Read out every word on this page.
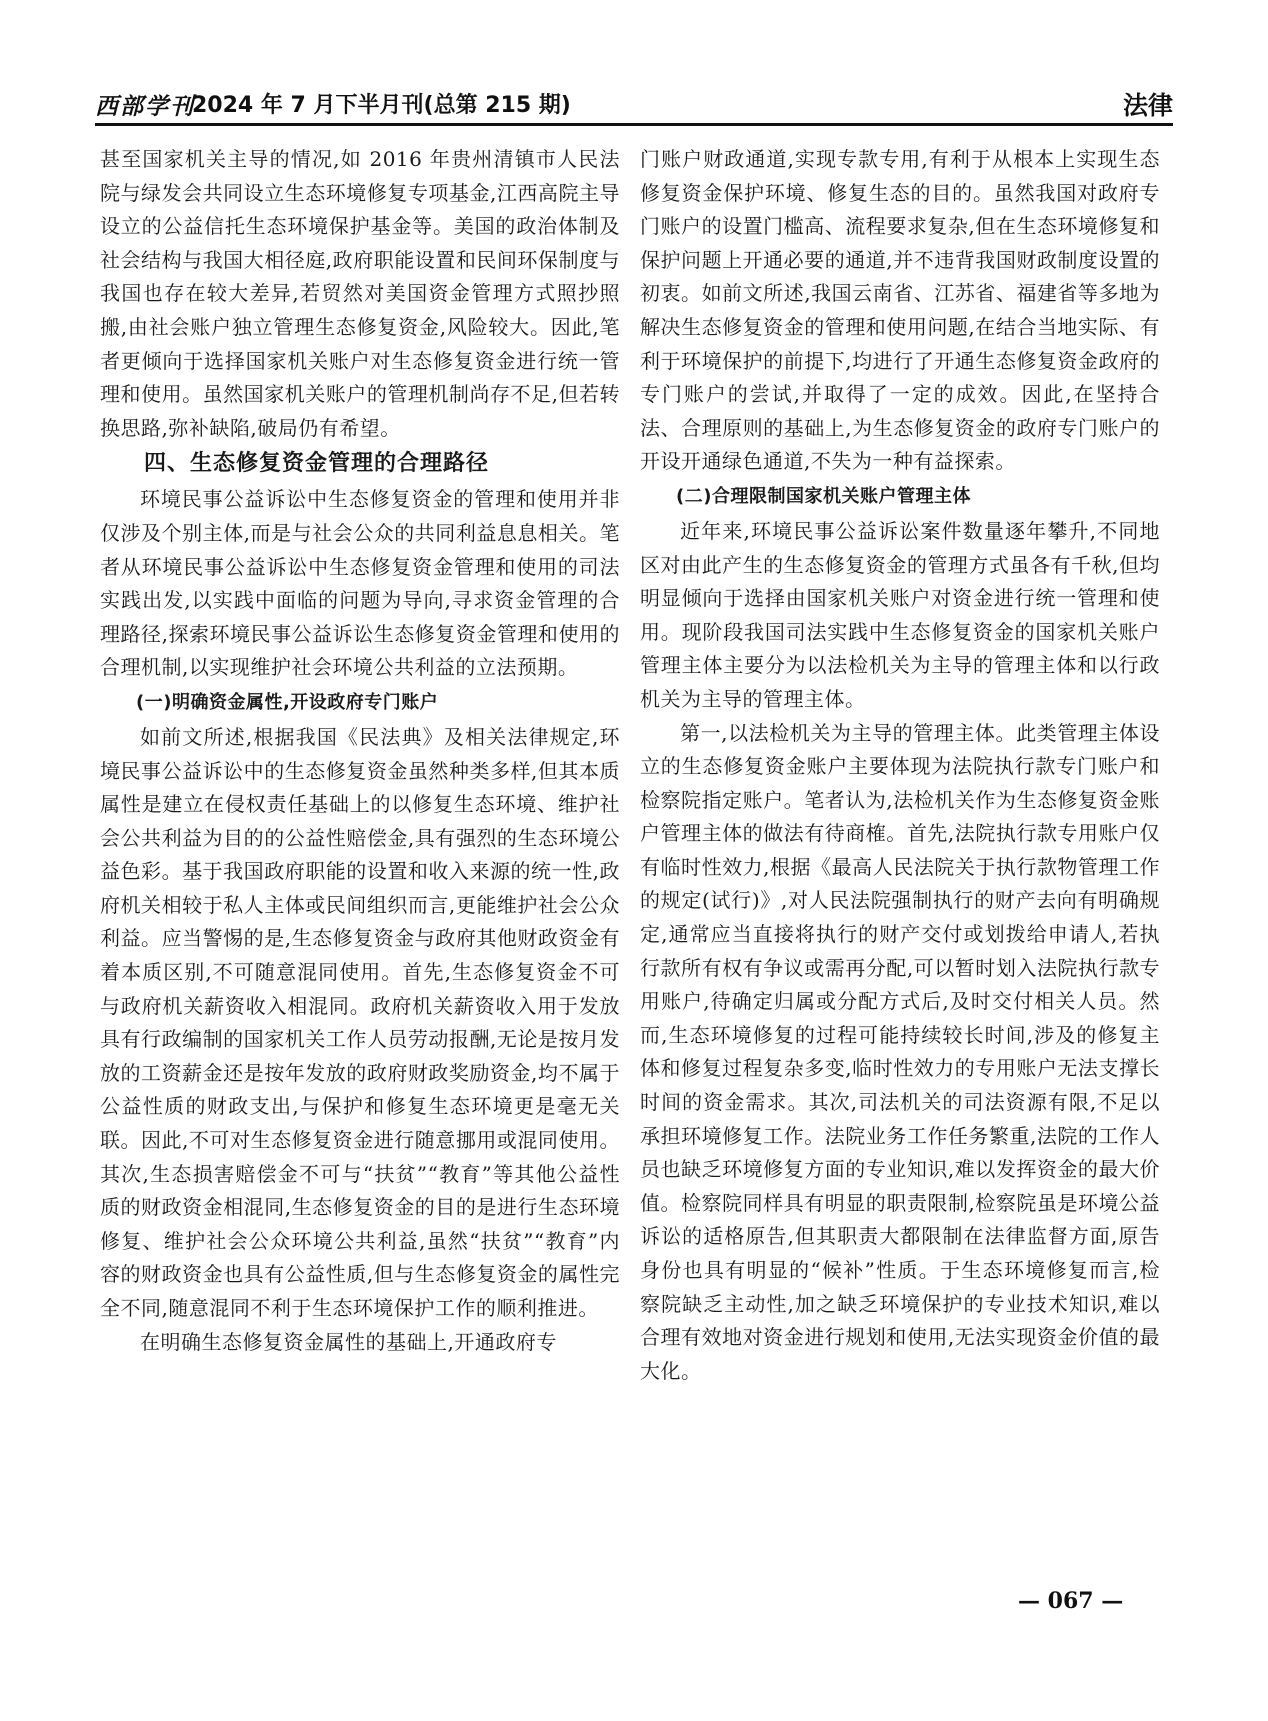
西部学刊
2024 年 7 月下半月刊(总第 215 期)	法律

甚至国家机关主导的情况,如 2016 年贵州清镇市人民法院与绿发会共同设立生态环境修复专项基金,江西高院主导设立的公益信托生态环境保护基金等。美国的政治体制及社会结构与我国大相径庭,政府职能设置和民间环保制度与我国也存在较大差异,若贸然对美国资金管理方式照抄照搬,由社会账户独立管理生态修复资金,风险较大。因此,笔者更倾向于选择国家机关账户对生态修复资金进行统一管理和使用。虽然国家机关账户的管理机制尚存不足,但若转换思路,弥补缺陷,破局仍有希望。

四、生态修复资金管理的合理路径

环境民事公益诉讼中生态修复资金的管理和使用并非仅涉及个别主体,而是与社会公众的共同利益息息相关。笔者从环境民事公益诉讼中生态修复资金管理和使用的司法实践出发,以实践中面临的问题为导向,寻求资金管理的合理路径,探索环境民事公益诉讼生态修复资金管理和使用的合理机制,以实现维护社会环境公共利益的立法预期。

(一)明确资金属性,开设政府专门账户

如前文所述,根据我国《民法典》及相关法律规定,环境民事公益诉讼中的生态修复资金虽然种类多样,但其本质属性是建立在侵权责任基础上的以修复生态环境、维护社会公共利益为目的的公益性赔偿金,具有强烈的生态环境公益色彩。基于我国政府职能的设置和收入来源的统一性,政府机关相较于私人主体或民间组织而言,更能维护社会公众利益。应当警惕的是,生态修复资金与政府其他财政资金有着本质区别,不可随意混同使用。首先,生态修复资金不可与政府机关薪资收入相混同。政府机关薪资收入用于发放具有行政编制的国家机关工作人员劳动报酬,无论是按月发放的工资薪金还是按年发放的政府财政奖励资金,均不属于公益性质的财政支出,与保护和修复生态环境更是毫无关联。因此,不可对生态修复资金进行随意挪用或混同使用。其次,生态损害赔偿金不可与“扶贫”“教育”等其他公益性质的财政资金相混同,生态修复资金的目的是进行生态环境修复、维护社会公众环境公共利益,虽然“扶贫”“教育”内容的财政资金也具有公益性质,但与生态修复资金的属性完全不同,随意混同不利于生态环境保护工作的顺利推进。

在明确生态修复资金属性的基础上,开通政府专

门账户财政通道,实现专款专用,有利于从根本上实现生态修复资金保护环境、修复生态的目的。虽然我国对政府专门账户的设置门槛高、流程要求复杂,但在生态环境修复和保护问题上开通必要的通道,并不违背我国财政制度设置的初衷。如前文所述,我国云南省、江苏省、福建省等多地为解决生态修复资金的管理和使用问题,在结合当地实际、有利于环境保护的前提下,均进行了开通生态修复资金政府的专门账户的尝试,并取得了一定的成效。因此,在坚持合法、合理原则的基础上,为生态修复资金的政府专门账户的开设开通绿色通道,不失为一种有益探索。

(二)合理限制国家机关账户管理主体

近年来,环境民事公益诉讼案件数量逐年攀升,不同地区对由此产生的生态修复资金的管理方式虽各有千秋,但均明显倾向于选择由国家机关账户对资金进行统一管理和使用。现阶段我国司法实践中生态修复资金的国家机关账户管理主体主要分为以法检机关为主导的管理主体和以行政机关为主导的管理主体。

第一,以法检机关为主导的管理主体。此类管理主体设立的生态修复资金账户主要体现为法院执行款专门账户和检察院指定账户。笔者认为,法检机关作为生态修复资金账户管理主体的做法有待商榷。首先,法院执行款专用账户仅有临时性效力,根据《最高人民法院关于执行款物管理工作的规定(试行)》,对人民法院强制执行的财产去向有明确规定,通常应当直接将执行的财产交付或划拨给申请人,若执行款所有权有争议或需再分配,可以暂时划入法院执行款专用账户,待确定归属或分配方式后,及时交付相关人员。然而,生态环境修复的过程可能持续较长时间,涉及的修复主体和修复过程复杂多变,临时性效力的专用账户无法支撑长时间的资金需求。其次,司法机关的司法资源有限,不足以承担环境修复工作。法院业务工作任务繁重,法院的工作人员也缺乏环境修复方面的专业知识,难以发挥资金的最大价值。检察院同样具有明显的职责限制,检察院虽是环境公益诉讼的适格原告,但其职责大都限制在法律监督方面,原告身份也具有明显的“候补”性质。于生态环境修复而言,检察院缺乏主动性,加之缺乏环境保护的专业技术知识,难以合理有效地对资金进行规划和使用,无法实现资金价值的最大化。

— 067 —
